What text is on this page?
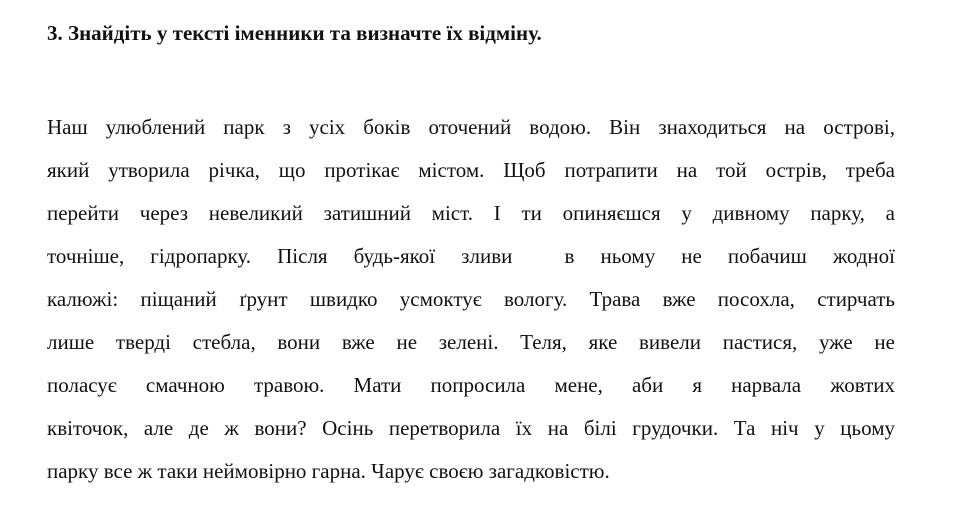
3. Знайдіть у тексті іменники та визначте їх відміну.
Наш улюблений парк з усіх боків оточений водою. Він знаходиться на острові,
який утворила річка, що протікає містом. Щоб потрапити на той острів, треба
перейти через невеликий затишний міст. І ти опиняєшся у дивному парку, а
точніше, гідропарку. Після будь-якої зливи  в ньому не побачиш жодної
калюжі: піщаний ґрунт швидко усмоктує вологу. Трава вже посохла, стирчать
лише тверді стебла, вони вже не зелені. Теля, яке вивели пастися, уже не
поласує смачною травою. Мати попросила мене, аби я нарвала жовтих
квіточок, але де ж вони? Осінь перетворила їх на білі грудочки. Та ніч у цьому
парку все ж таки неймовірно гарна. Чарує своєю загадковістю.
